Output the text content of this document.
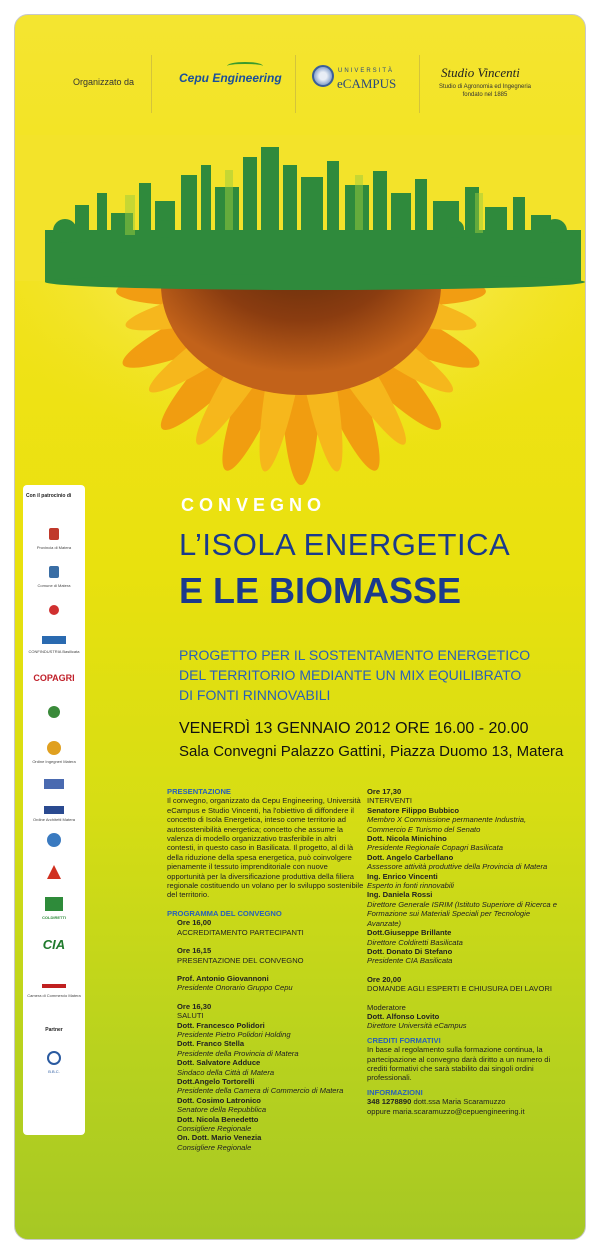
Organizzato da	Cepu Engineering	UNIVERSITÀ
eCAMPUS
Studio Vincenti
Studio di Agronomia ed Ingegneria
fondato nel 1885
Con il patrocinio di
Provincia di Matera
Comune di Matera
CONFINDUSTRIA Basilicata
COPAGRI
Ordine Ingegneri Matera
Ordine Architetti Matera
COLDIRETTI
CIA
Camera di Commercio Matera
Partner
B.B.C.
CONVEGNO
L’ISOLA ENERGETICA
E LE BIOMASSE
PROGETTO PER IL SOSTENTAMENTO ENERGETICO
DEL TERRITORIO MEDIANTE UN MIX EQUILIBRATO
DI FONTI RINNOVABILI
VENERDÌ 13 GENNAIO 2012 ORE 16.00 - 20.00
Sala Convegni Palazzo Gattini, Piazza Duomo 13, Matera
PRESENTAZIONE
Il convegno, organizzato da Cepu Engineering, Università eCampus e Studio Vincenti, ha l'obiettivo di diffondere il concetto di Isola Energetica, inteso come territorio ad autosostenibilità energetica; concetto che assume la valenza di modello organizzativo trasferibile in altri contesti, in questo caso in Basilicata. Il progetto, al di là della riduzione della spesa energetica, può coinvolgere pienamente il tessuto imprenditoriale con nuove opportunità per la diversificazione produttiva della filiera regionale costituendo un volano per lo sviluppo sostenibile del territorio.
PROGRAMMA DEL CONVEGNO
Ore 16,00
ACCREDITAMENTO PARTECIPANTI
Ore 16,15
PRESENTAZIONE DEL CONVEGNO
Prof. Antonio Giovannoni
Presidente Onorario Gruppo Cepu
Ore 16,30
SALUTI
Dott. Francesco Polidori
Presidente Pietro Polidori Holding
Dott. Franco Stella
Presidente della Provincia di Matera
Dott. Salvatore Adduce
Sindaco della Città di Matera
Dott.Angelo Tortorelli
Presidente della Camera di Commercio di Matera
Dott. Cosimo Latronico
Senatore della Repubblica
Dott. Nicola Benedetto
Consigliere Regionale
On. Dott. Mario Venezia
Consigliere Regionale
Ore 17,30
INTERVENTI
Senatore Filippo Bubbico
Membro X Commissione permanente Industria, Commercio E Turismo del Senato
Dott. Nicola Minichino
Presidente Regionale Copagri Basilicata
Dott. Angelo Carbellano
Assessore attività produttive della Provincia di Matera
Ing. Enrico Vincenti
Esperto in fonti rinnovabili
Ing. Daniela Rossi
Direttore Generale ISRIM (Istituto Superiore di Ricerca e Formazione sui Materiali Speciali per Tecnologie Avanzate)
Dott.Giuseppe Brillante
Direttore Coldiretti Basilicata
Dott. Donato Di Stefano
Presidente CIA Basilicata
Ore 20,00
DOMANDE AGLI ESPERTI E CHIUSURA DEI LAVORI
Moderatore
Dott. Alfonso Lovito
Direttore Università eCampus
CREDITI FORMATIVI
In base al regolamento sulla formazione continua, la partecipazione al convegno darà diritto a un numero di crediti formativi che sarà stabilito dai singoli ordini professionali.
INFORMAZIONI
348 1278890 dott.ssa Maria Scaramuzzo
oppure maria.scaramuzzo@cepuengineering.it
